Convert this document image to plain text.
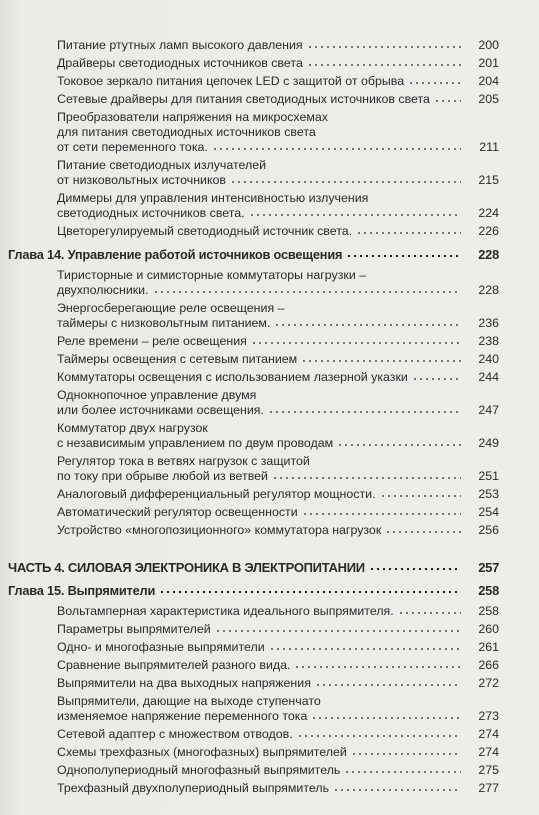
Питание ртутных ламп высокого давления	200
Драйверы светодиодных источников света	201
Токовое зеркало питания цепочек LED с защитой от обрыва	204
Сетевые драйверы для питания светодиодных источников света	205
Преобразователи напряжения на микросхемах
для питания светодиодных источников света
от сети переменного тока.	211
Питание светодиодных излучателей
от низковольтных источников	215
Диммеры для управления интенсивностью излучения
светодиодных источников света.	224
Цветорегулируемый светодиодный источник света.	226
Глава 14. Управление работой источников освещения	228
Тиристорные и симисторные коммутаторы нагрузки –
двухполюсники.	228
Энергосберегающие реле освещения –
таймеры с низковольтным питанием.	236
Реле времени – реле освещения	238
Таймеры освещения с сетевым питанием	240
Коммутаторы освещения с использованием лазерной указки	244
Однокнопочное управление двумя
или более источниками освещения.	247
Коммутатор двух нагрузок
с независимым управлением по двум проводам	249
Регулятор тока в ветвях нагрузок с защитой
по току при обрыве любой из ветвей	251
Аналоговый дифференциальный регулятор мощности.	253
Автоматический регулятор освещенности	254
Устройство «многопозиционного» коммутатора нагрузок	256
ЧАСТЬ 4. СИЛОВАЯ ЭЛЕКТРОНИКА В ЭЛЕКТРОПИТАНИИ	257
Глава 15. Выпрямители	258
Вольтамперная характеристика идеального выпрямителя.	258
Параметры выпрямителей	260
Одно- и многофазные выпрямители	261
Сравнение выпрямителей разного вида.	266
Выпрямители на два выходных напряжения	272
Выпрямители, дающие на выходе ступенчато
изменяемое напряжение переменного тока	273
Сетевой адаптер с множеством отводов.	274
Схемы трехфазных (многофазных) выпрямителей	274
Однополупериодный многофазный выпрямитель	275
Трехфазный двухполупериодный выпрямитель	277
